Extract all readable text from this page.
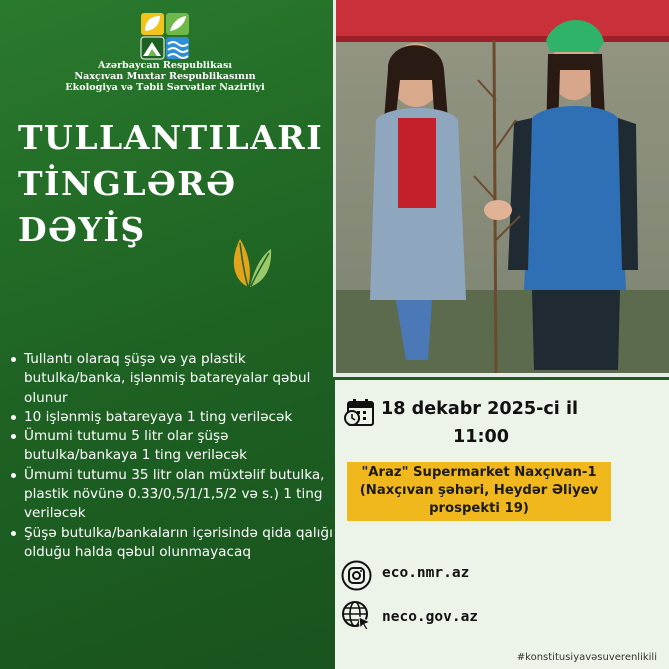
Azərbaycan Respublikası
Naxçıvan Muxtar Respublikasının
Ekologiya və Təbii Sərvətlər Nazirliyi
TULLANTILARI
TİNGLƏRƏ
DƏYİŞ
Tullantı olaraq şüşə və ya plastik butulka/banka, işlənmiş batareyalar qəbul olunur
10 işlənmiş batareyaya 1 ting veriləcək
Ümumi tutumu 5 litr olar şüşə butulka/bankaya 1 ting veriləcək
Ümumi tutumu 35 litr olan müxtəlif butulka, plastik növünə 0.33/0,5/1/1,5/2 və s.) 1 ting veriləcək
Şüşə butulka/bankaların içərisində qida qalığı olduğu halda qəbul olunmayacaq
18 dekabr 2025-ci il
11:00
"Araz" Supermarket Naxçıvan-1
(Naxçıvan şəhəri, Heydər Əliyev
prospekti 19)
eco.nmr.az
neco.gov.az
#konstitusiyavəsuverenlikili
